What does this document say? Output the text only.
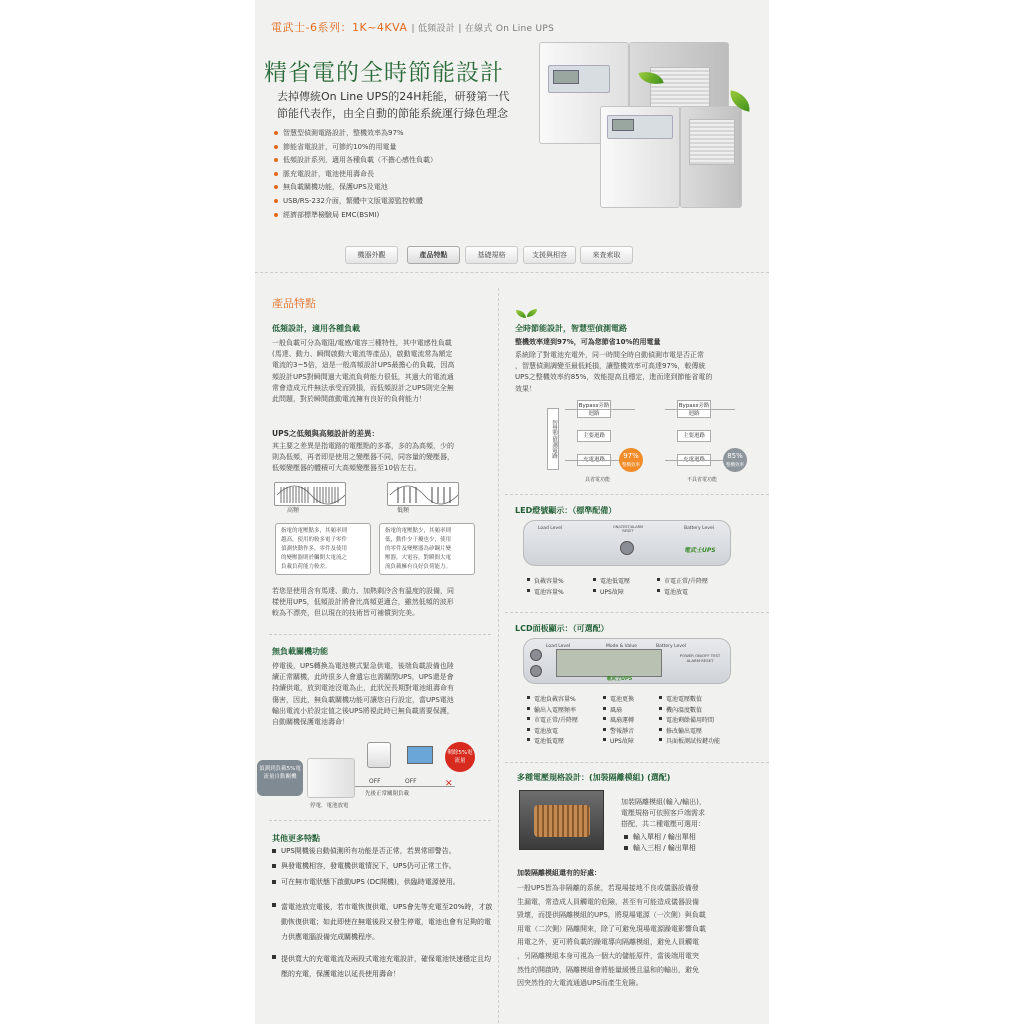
電武士-6系列：1K~4KVA | 低頻設計 | 在線式 On Line UPS
精省電的全時節能設計
去掉傳統On Line UPS的24H耗能，研發第一代
節能代表作，由全自動的節能系統運行綠色理念
智慧型偵測電路設計，整機效率為97%
節能省電設計，可節約10%的用電量
低頻設計系列，適用各種負載（不擔心感性負載）
脈充電設計，電池使用壽命長
無負載關機功能，保護UPS及電池
USB/RS-232介面，繁體中文版電源監控軟體
經濟部標準檢驗局 EMC(BSMI)
機器外觀	產品特點	基礎規格	支援與相容	來查索取
產品特點
低頻設計，適用各種負載
一般負載可分為電阻/電感/電容三種特性，其中電感性負載
(馬達、動力、瞬間啟動大電流等產品)，啟動電流常為額定
電流的3~5倍，這是一般高頻設計UPS最擔心的負載，因高
頻設計UPS對瞬間過大電流負荷能力很低，其過大的電流通
常會造成元件無法承受而毀損，而低頻設計之UPS則完全無
此問題，對於瞬間啟動電流擁有良好的負荷能力！
UPS之低頻與高頻設計的差異：
其主要之差異是指電路的電壓點的多寡，多的為高頻，少的
則為低頻，再者即是使用之變壓器不同，同容量的變壓器，
低頻變壓器的體積可大高頻變壓器至10倍左右。
高頻	低頻
指電的電壓點多，其頻率則
越高，使用的較多電子零件
偵測快動作多，零件及使用
的變壓器則於觸開大電流之
負載負荷能力較差。
指電的電壓點少，其頻率則
低，動作少干擾也少，使用
的零件及變壓器為矽鋼片變
壓器，大電容，對瞬間大電
流負載擁有良好負荷能力。
若您是使用含有馬達、動力、加熱剩冷含有溫度的設備，同
樣使用UPS，低頻設計將會比高頻更適合，雖然低頻的波形
較為不漂亮，但以現在的技術皆可補償到完美。
無負載關機功能
停電後，UPS轉換為電池模式緊急供電，後端負載設備也陸
續正常關機，此時很多人會遺忘也需關閉UPS，UPS還是會
持續供電，放到電池沒電為止，此狀況長期對電池組壽命有
傷害，因此，無負載關機功能可讓您自行設定，當UPS電池
輸出電流小於設定值之後UPS將視此時已無負載需要保護，
自動關機保護電池壽命！
偵測到負載5%電流量自動關機
剩餘5%電流量
OFF	OFF	✕
先後正常關閉負載
停電．電池放電
其他更多特點
UPS開機後自動偵測所有功能是否正常，若異常即警告。
與發電機相容，發電機供電情況下，UPS仍可正常工作。
可在無市電狀態下啟動UPS (DC開機)，供臨時電源使用。
當電池放完電後，若市電恢復供電，UPS會先等充電至20%時，才啟動恢復供電；如此即使在無電後段又發生停電，電池也會有足夠的電力供應電腦設備完成關機程序。
提供寬大的充電電流及兩段式電池充電設計，確保電池快速穩定且均壓的充電，保護電池以延長使用壽命！
全時節能設計，智慧型偵測電路
整機效率達到97%，可為您節省10%的用電量
系統除了對電池充電外，同一時間全時自動偵測市電是否正常
，智慧偵測調變至最低耗損，讓整機效率可高達97%，較傳統
UPS之整機效率約85%，效能提高且穩定，進而達到節能省電的
效果！
智慧型偵測電路
Bypass旁路迴路
主要迴路
充電迴路	97%
整機效率
具省電功能
Bypass旁路迴路
主要迴路
充電迴路	85%
整機效率
不具省電功能
LED燈號顯示：（標準配備）
Load Level	ON/LTEST/ALARM RESET	Battery Level
電武士UPS
負載容量%	電池低電壓	市電正常/升降壓
電池容量%	UPS故障	電池放電
LCD面板顯示：（可選配）
Load Level	Mode & Value	Battery Level
POWER ON/OFF TEST ALARM RESET
電武士UPS
電池負載容量%	電池更換	電池電壓數值
輸出入電壓頻率	風扇	機內溫度數值
市電正常/升降壓	風扇運轉	電池剩餘備用時間
電池放電	警報靜音	修改輸出電壓
電池低電壓	UPS故障	具面板測試按鍵功能
多種電壓規格設計：(加裝隔離模組) (選配)
加裝隔離模組(輸入/輸出)，
電壓規格可依照客戶端需求
搭配，共二種電壓可選用：
輸入單相 / 輸出單相
輸入三相 / 輸出單相
加裝隔離模組還有的好處：
一般UPS皆為非隔離的系統，若現場接地不良或儀器設備發
生漏電，常造成人員觸電的危險，甚至有可能造成儀器設備
毀壞，而提供隔離模組的UPS，將現場電源（一次側）與負載
用電（二次側）隔離開來，除了可避免現場電源躁電影響負載
用電之外，更可將負載的躁電導向隔離模組，避免人員觸電
，另隔離模組本身可視為一個大的儲能原件，當後端用電突
然性的開啟時，隔離模組會將能量緩慢且溫和的輸出，避免
因突然性的大電流通過UPS而產生危險。
